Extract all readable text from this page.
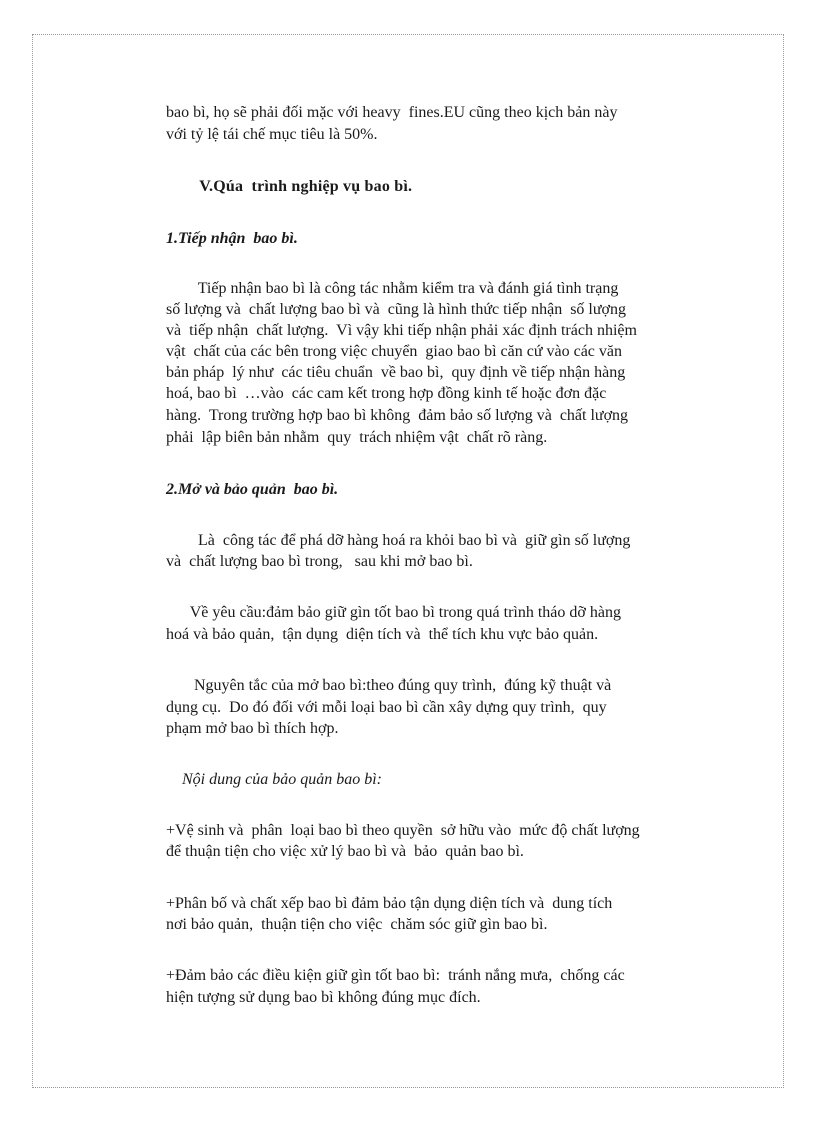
bao bì, họ sẽ phải đối mặc với heavy  fines.EU cũng theo kịch bản này

với tỷ lệ tái chế mục tiêu là 50%.

V.Qúa  trình nghiệp vụ bao bì.

1.Tiếp nhận  bao bì.

Tiếp nhận bao bì là công tác nhằm kiểm tra và đánh giá tình trạng

số lượng và  chất lượng bao bì và  cũng là hình thức tiếp nhận  số lượng

và  tiếp nhận  chất lượng.  Vì vậy khi tiếp nhận phải xác định trách nhiệm

vật  chất của các bên trong việc chuyển  giao bao bì căn cứ vào các văn

bản pháp  lý như  các tiêu chuẩn  về bao bì,  quy định về tiếp nhận hàng

hoá, bao bì  …vào  các cam kết trong hợp đồng kinh tế hoặc đơn đặc

hàng.  Trong trường hợp bao bì không  đảm bảo số lượng và  chất lượng

phải  lập biên bản nhằm  quy  trách nhiệm vật  chất rõ ràng.

2.Mở và bảo quản  bao bì.

Là  công tác để phá dỡ hàng hoá ra khỏi bao bì và  giữ gìn số lượng

và  chất lượng bao bì trong,   sau khi mở bao bì.

Về yêu cầu:đảm bảo giữ gìn tốt bao bì trong quá trình tháo dỡ hàng

hoá và bảo quản,  tận dụng  diện tích và  thể tích khu vực bảo quản.

Nguyên tắc của mở bao bì:theo đúng quy trình,  đúng kỹ thuật và

dụng cụ.  Do đó đối với mỗi loại bao bì cần xây dựng quy trình,  quy

phạm mở bao bì thích hợp.

Nội dung của bảo quản bao bì:

+Vệ sinh và  phân  loại bao bì theo quyền  sở hữu vào  mức độ chất lượng

để thuận tiện cho việc xử lý bao bì và  bảo  quản bao bì.

+Phân bố và chất xếp bao bì đảm bảo tận dụng diện tích và  dung tích

nơi bảo quản,  thuận tiện cho việc  chăm sóc giữ gìn bao bì.

+Đảm bảo các điều kiện giữ gìn tốt bao bì:  tránh nắng mưa,  chống các

hiện tượng sử dụng bao bì không đúng mục đích.
